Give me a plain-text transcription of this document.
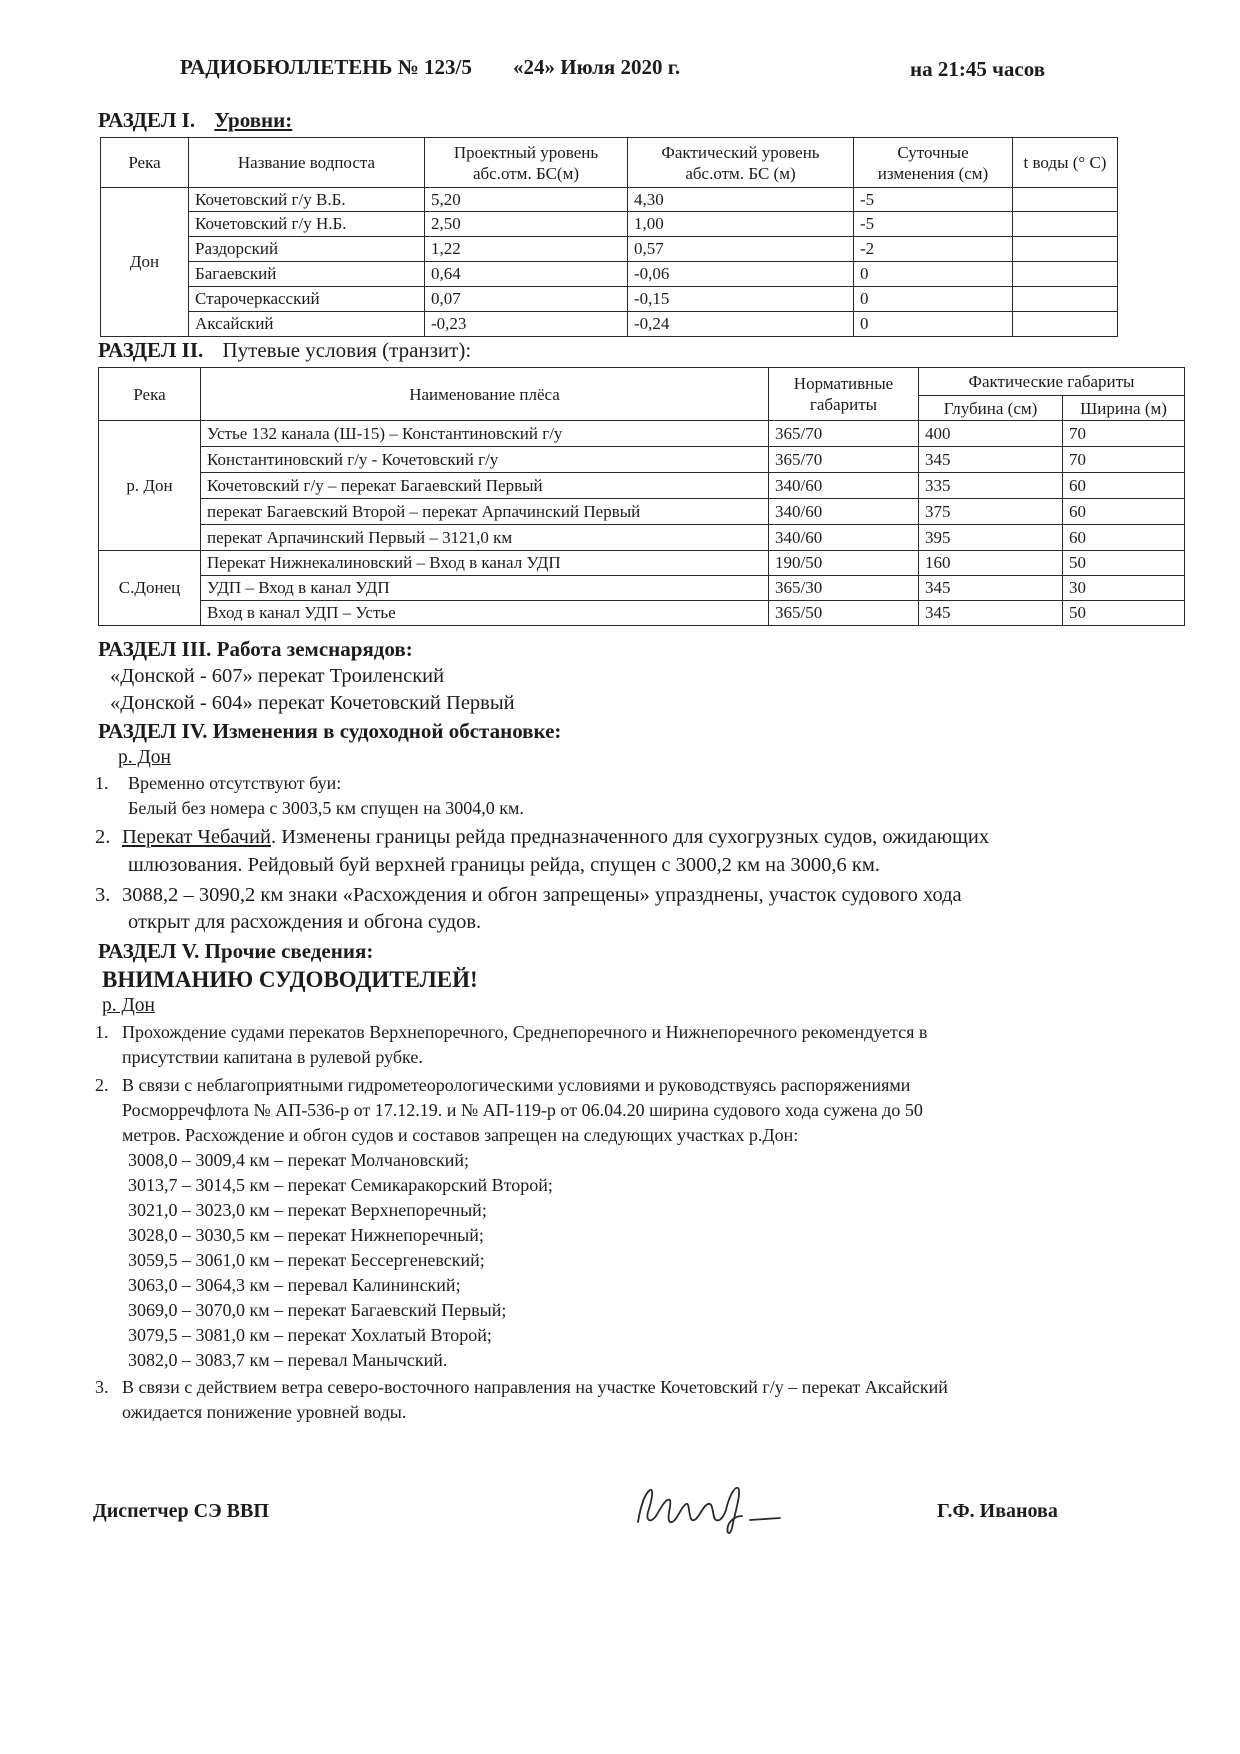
РАДИОБЮЛЛЕТЕНЬ № 123/5 «24» Июля 2020 г.	на 21:45 часов
РАЗДЕЛ I. Уровни:
Река	Название водпоста	Проектный уровень абс.отм. БС(м)	Фактический уровень абс.отм. БС (м)	Суточные изменения (см)	t воды (° С)
Дон	Кочетовский г/у В.Б.	5,20	4,30	-5	
	Кочетовский г/у Н.Б.	2,50	1,00	-5	
	Раздорский	1,22	0,57	-2	
	Багаевский	0,64	-0,06	0	
	Старочеркасский	0,07	-0,15	0	
	Аксайский	-0,23	-0,24	0	
РАЗДЕЛ II. Путевые условия (транзит):
Река	Наименование плёса	Нормативные габариты	Фактические габариты	
			Глубина (см)	Ширина (м)
р. Дон	Устье 132 канала (Ш-15) – Константиновский г/у	365/70	400	70
	Константиновский г/у - Кочетовский г/у	365/70	345	70
	Кочетовский г/у – перекат Багаевский Первый	340/60	335	60
	перекат Багаевский Второй – перекат Арпачинский Первый	340/60	375	60
	перекат Арпачинский Первый – 3121,0 км	340/60	395	60
С.Донец	Перекат Нижнекалиновский – Вход в канал УДП	190/50	160	50
	УДП – Вход в канал УДП	365/30	345	30
	Вход в канал УДП – Устье	365/50	345	50
РАЗДЕЛ III. Работа земснарядов:
«Донской - 607» перекат Троиленский
«Донской - 604» перекат Кочетовский Первый
РАЗДЕЛ IV. Изменения в судоходной обстановке:
р. Дон
1. Временно отсутствуют буи:
Белый без номера с 3003,5 км спущен на 3004,0 км.
2. Перекат Чебачий. Изменены границы рейда предназначенного для сухогрузных судов, ожидающих
шлюзования. Рейдовый буй верхней границы рейда, спущен с 3000,2 км на 3000,6 км.
3. 3088,2 – 3090,2 км знаки «Расхождения и обгон запрещены» упразднены, участок судового хода
открыт для расхождения и обгона судов.
РАЗДЕЛ V. Прочие сведения:
ВНИМАНИЮ СУДОВОДИТЕЛЕЙ!
р. Дон
1. Прохождение судами перекатов Верхнепоречного, Среднепоречного и Нижнепоречного рекомендуется в
присутствии капитана в рулевой рубке.
2. В связи с неблагоприятными гидрометеорологическими условиями и руководствуясь распоряжениями
Росморречфлота № АП-536-р от 17.12.19. и № АП-119-р от 06.04.20 ширина судового хода сужена до 50
метров. Расхождение и обгон судов и составов запрещен на следующих участках р.Дон:
3008,0 – 3009,4 км – перекат Молчановский;
3013,7 – 3014,5 км – перекат Семикаракорский Второй;
3021,0 – 3023,0 км – перекат Верхнепоречный;
3028,0 – 3030,5 км – перекат Нижнепоречный;
3059,5 – 3061,0 км – перекат Бессергеневский;
3063,0 – 3064,3 км – перевал Калининский;
3069,0 – 3070,0 км – перекат Багаевский Первый;
3079,5 – 3081,0 км – перекат Хохлатый Второй;
3082,0 – 3083,7 км – перевал Манычский.
3. В связи с действием ветра северо-восточного направления на участке Кочетовский г/у – перекат Аксайский
ожидается понижение уровней воды.
Диспетчер СЭ ВВП	Г.Ф. Иванова
